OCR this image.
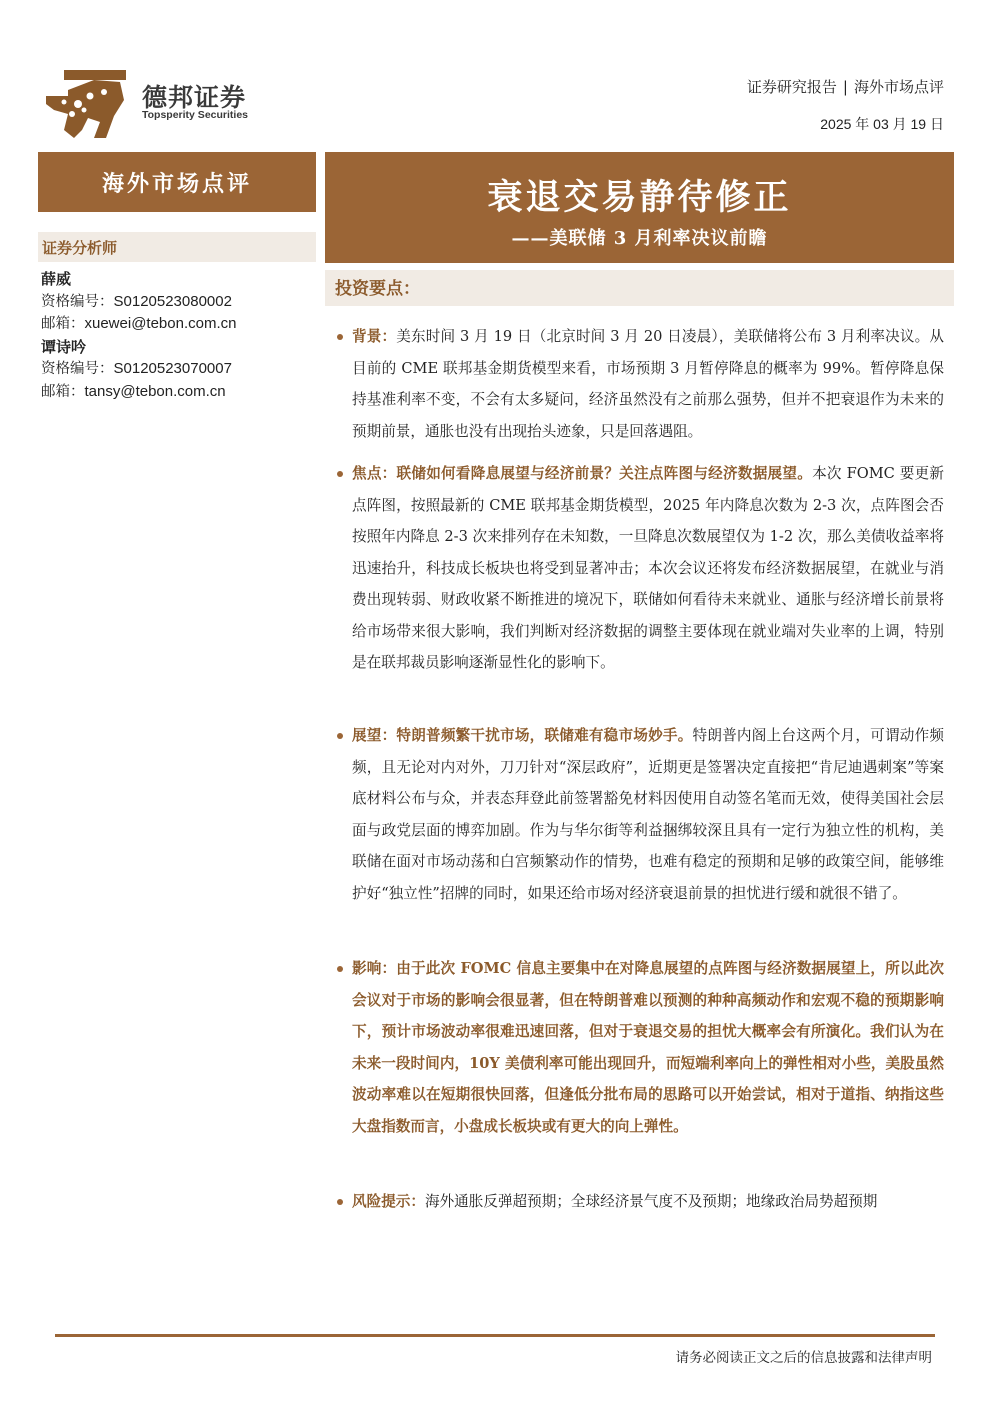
德邦证券
Topsperity Securities
证券研究报告 | 海外市场点评
2025 年 03 月 19 日
海外市场点评
证券分析师
薛威
资格编号：S0120523080002
邮箱：xuewei@tebon.com.cn
谭诗吟
资格编号：S0120523070007
邮箱：tansy@tebon.com.cn
衰退交易静待修正
——美联储 3 月利率决议前瞻
投资要点：
背景：美东时间 3 月 19 日（北京时间 3 月 20 日凌晨），美联储将公布 3 月利率决议。从目前的 CME 联邦基金期货模型来看，市场预期 3 月暂停降息的概率为 99%。暂停降息保持基准利率不变，不会有太多疑问，经济虽然没有之前那么强势，但并不把衰退作为未来的预期前景，通胀也没有出现抬头迹象，只是回落遇阻。
焦点：联储如何看降息展望与经济前景？关注点阵图与经济数据展望。本次 FOMC 要更新点阵图，按照最新的 CME 联邦基金期货模型，2025 年内降息次数为 2-3 次，点阵图会否按照年内降息 2-3 次来排列存在未知数，一旦降息次数展望仅为 1-2 次，那么美债收益率将迅速抬升，科技成长板块也将受到显著冲击；本次会议还将发布经济数据展望，在就业与消费出现转弱、财政收紧不断推进的境况下，联储如何看待未来就业、通胀与经济增长前景将给市场带来很大影响，我们判断对经济数据的调整主要体现在就业端对失业率的上调，特别是在联邦裁员影响逐渐显性化的影响下。
展望：特朗普频繁干扰市场，联储难有稳市场妙手。特朗普内阁上台这两个月，可谓动作频频，且无论对内对外，刀刀针对“深层政府”，近期更是签署决定直接把“肯尼迪遇刺案”等案底材料公布与众，并表态拜登此前签署豁免材料因使用自动签名笔而无效，使得美国社会层面与政党层面的博弈加剧。作为与华尔街等利益捆绑较深且具有一定行为独立性的机构，美联储在面对市场动荡和白宫频繁动作的情势，也难有稳定的预期和足够的政策空间，能够维护好“独立性”招牌的同时，如果还给市场对经济衰退前景的担忧进行缓和就很不错了。
影响：由于此次 FOMC 信息主要集中在对降息展望的点阵图与经济数据展望上，所以此次会议对于市场的影响会很显著，但在特朗普难以预测的种种高频动作和宏观不稳的预期影响下，预计市场波动率很难迅速回落，但对于衰退交易的担忧大概率会有所演化。我们认为在未来一段时间内，10Y 美债利率可能出现回升，而短端利率向上的弹性相对小些，美股虽然波动率难以在短期很快回落，但逢低分批布局的思路可以开始尝试，相对于道指、纳指这些大盘指数而言，小盘成长板块或有更大的向上弹性。
风险提示：海外通胀反弹超预期；全球经济景气度不及预期；地缘政治局势超预期
请务必阅读正文之后的信息披露和法律声明
